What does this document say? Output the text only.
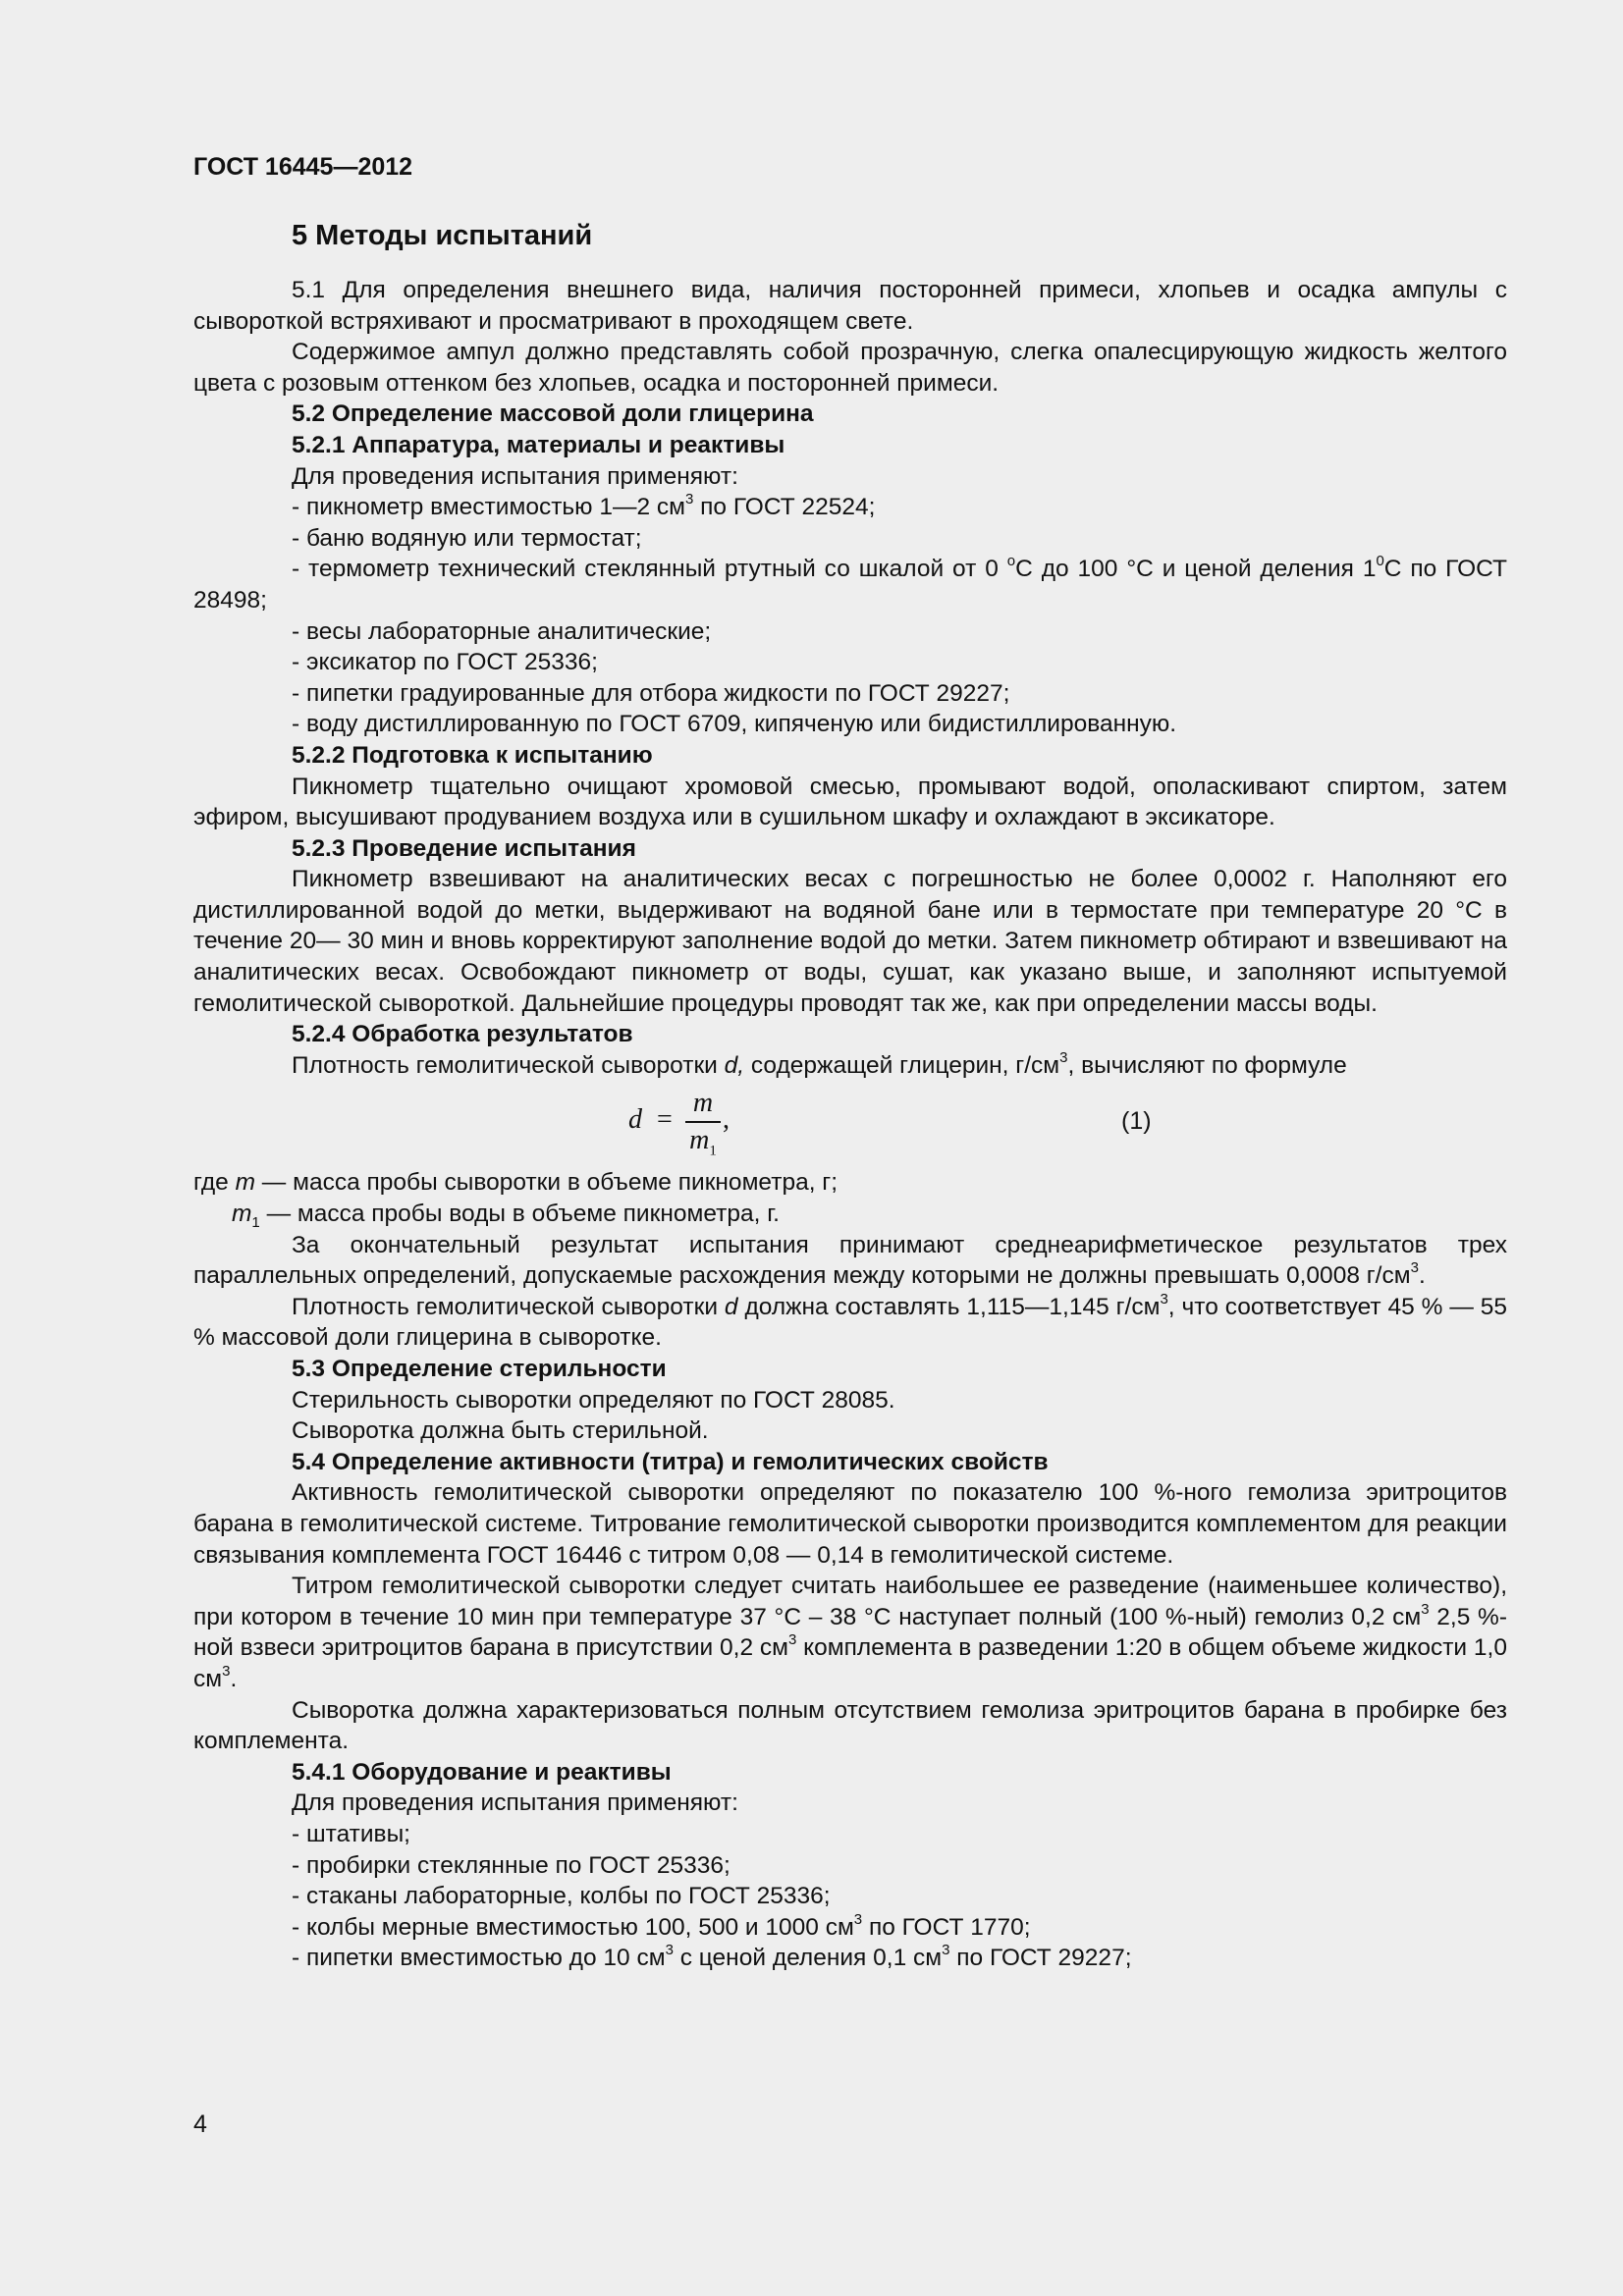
ГОСТ 16445—2012
5 Методы испытаний

5.1 Для определения внешнего вида, наличия посторонней примеси, хлопьев и осадка ампулы с сывороткой встряхивают и просматривают в проходящем свете.

Содержимое ампул должно представлять собой прозрачную, слегка опалесцирующую жидкость желтого цвета с розовым оттенком без хлопьев, осадка и посторонней примеси.

5.2 Определение массовой доли глицерина

5.2.1 Аппаратура, материалы и реактивы

Для проведения испытания применяют:

- пикнометр вместимостью 1—2 $см^3$ по ГОСТ 22524;

- баню водяную или термостат;

- термометр технический стеклянный ртутный со шкалой от 0 $^о$С до 100 °С и ценой деления $1^0С$ по ГОСТ 28498;

- весы лабораторные аналитические;

- эксикатор по ГОСТ 25336;

- пипетки градуированные для отбора жидкости по ГОСТ 29227;

- воду дистиллированную по ГОСТ 6709, кипяченую или бидистиллированную.

5.2.2 Подготовка к испытанию

Пикнометр тщательно очищают хромовой смесью, промывают водой, ополаскивают спиртом, затем эфиром, высушивают продуванием воздуха или в сушильном шкафу и охлаждают в эксикаторе.

5.2.3 Проведение испытания

Пикнометр взвешивают на аналитических весах с погрешностью не более 0,0002 г. Наполняют его дистиллированной водой до метки, выдерживают на водяной бане или в термостате при температуре 20 °С в течение 20— 30 мин и вновь корректируют заполнение водой до метки. Затем пикнометр обтирают и взвешивают на аналитических весах. Освобождают пикнометр от воды, сушат, как указано выше, и заполняют испытуемой гемолитической сывороткой. Дальнейшие процедуры проводят так же, как при определении массы воды.

5.2.4 Обработка результатов

Плотность гемолитической сыворотки d, содержащей глицерин, $г/см^3$, вычисляют по формуле

d =
m
$m_1$
,	(1)

где m — масса пробы сыворотки в объеме пикнометра, г;

$m_1$ — масса пробы воды в объеме пикнометра, г.

За окончательный результат испытания принимают среднеарифметическое результатов трех параллельных определений, допускаемые расхождения между которыми не должны превышать 0,0008 $г/см^3$.

Плотность гемолитической сыворотки d должна составлять 1,115—1,145 $г/см^3$, что соответствует 45 % — 55 % массовой доли глицерина в сыворотке.

5.3 Определение стерильности

Стерильность сыворотки определяют по ГОСТ 28085.

Сыворотка должна быть стерильной.

5.4 Определение активности (титра) и гемолитических свойств

Активность гемолитической сыворотки определяют по показателю 100 %-ного гемолиза эритроцитов барана в гемолитической системе. Титрование гемолитической сыворотки производится комплементом для реакции связывания комплемента ГОСТ 16446 с титром 0,08 — 0,14 в гемолитической системе.

Титром гемолитической сыворотки следует считать наибольшее ее разведение (наименьшее количество), при котором в течение 10 мин при температуре 37 °С – 38 °С наступает полный (100 %-ный) гемолиз 0,2 $см^3$ 2,5 %-ной взвеси эритроцитов барана в присутствии 0,2 $см^3$ комплемента в разведении 1:20 в общем объеме жидкости 1,0 $см^3$.

Сыворотка должна характеризоваться полным отсутствием гемолиза эритроцитов барана в пробирке без комплемента.

5.4.1 Оборудование и реактивы

Для проведения испытания применяют:

- штативы;

- пробирки стеклянные по ГОСТ 25336;

- стаканы лабораторные, колбы по ГОСТ 25336;

- колбы мерные вместимостью 100, 500 и 1000 $см^3$ по ГОСТ 1770;

- пипетки вместимостью до 10 $см^3$ с ценой деления 0,1 $см^3$ по ГОСТ 29227;

4
